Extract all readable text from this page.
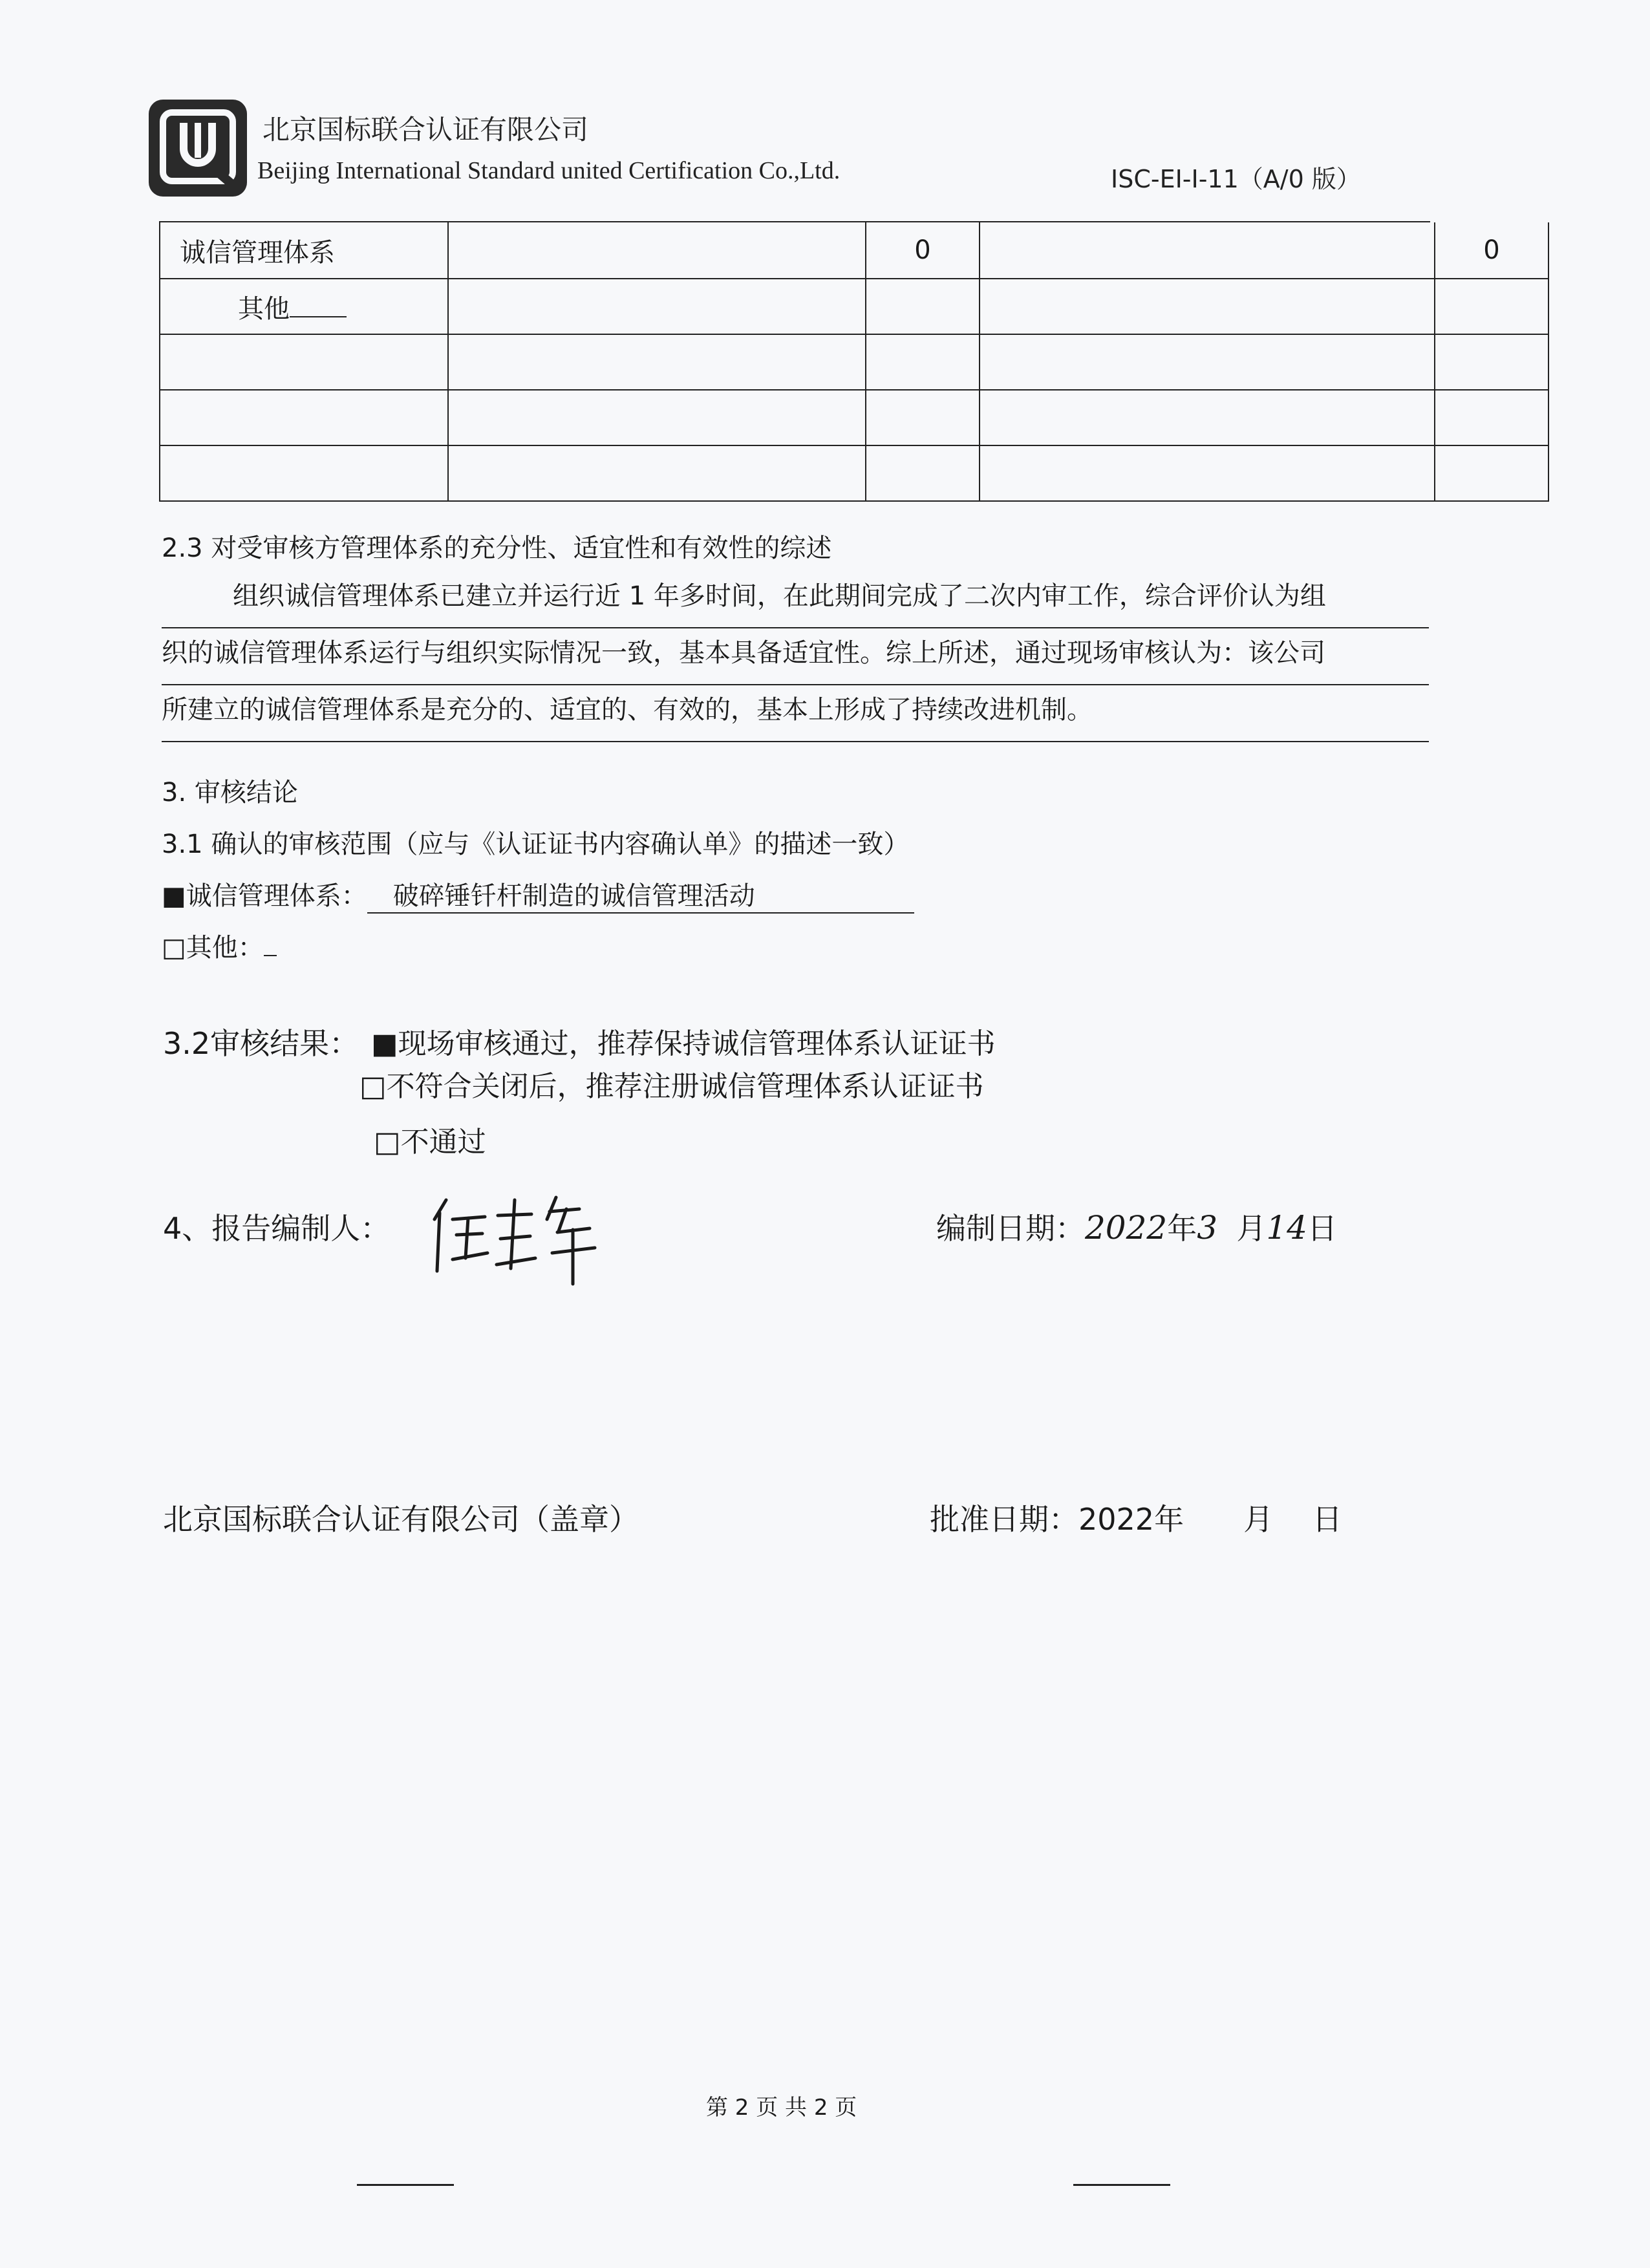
北京国标联合认证有限公司
Beijing International Standard united Certification Co.,Ltd.	ISC-EI-I-11（A/0 版）
诚信管理体系		0		0
其他				

2.3 对受审核方管理体系的充分性、适宜性和有效性的综述
组织诚信管理体系已建立并运行近 1 年多时间，在此期间完成了二次内审工作，综合评价认为组
织的诚信管理体系运行与组织实际情况一致，基本具备适宜性。综上所述，通过现场审核认为：该公司
所建立的诚信管理体系是充分的、适宜的、有效的，基本上形成了持续改进机制。
3. 审核结论
3.1 确认的审核范围（应与《认证证书内容确认单》的描述一致）
■诚信管理体系： 破碎锤钎杆制造的诚信管理活动
□其他：
3.2审核结果： ■现场审核通过，推荐保持诚信管理体系认证证书
□不符合关闭后，推荐注册诚信管理体系认证证书
□不通过
4、报告编制人：	编制日期：2022年3 月14日
北京国标联合认证有限公司（盖章）	批准日期：2022年　　月　 日
第 2 页 共 2 页
